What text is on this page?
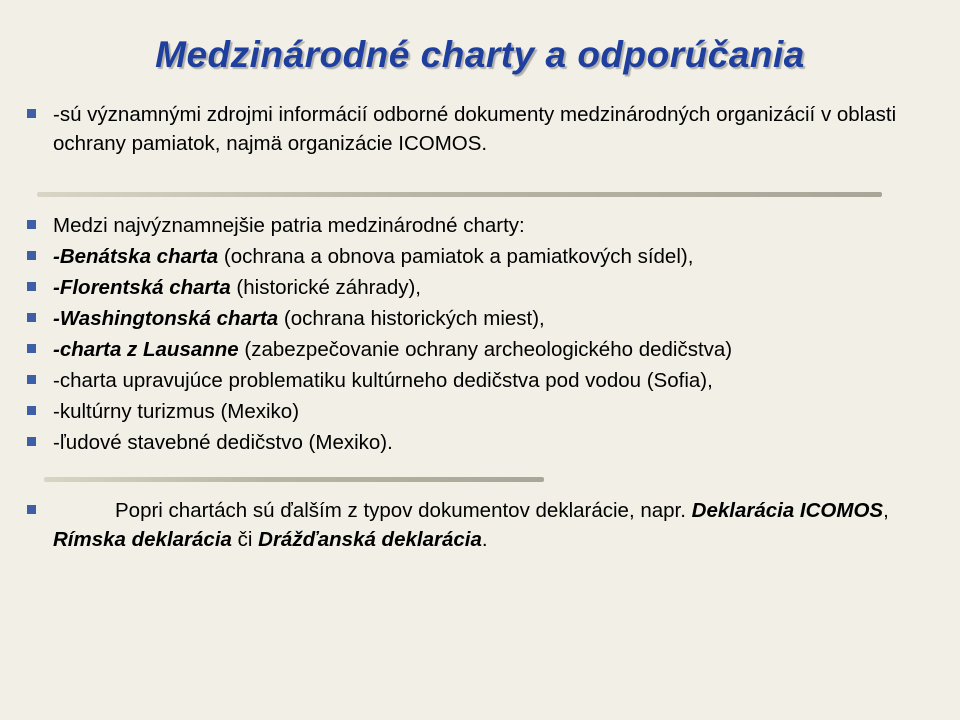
Medzinárodné charty a odporúčania
-sú významnými zdrojmi informácií odborné dokumenty medzinárodných organizácií v oblasti ochrany pamiatok, najmä organizácie ICOMOS.
Medzi najvýznamnejšie patria medzinárodné charty:
-Benátska charta (ochrana a obnova pamiatok a pamiatkových sídel),
-Florentská charta (historické záhrady),
-Washingtonská charta (ochrana historických miest),
-charta z Lausanne (zabezpečovanie ochrany archeologického dedičstva)
-charta upravujúce problematiku kultúrneho dedičstva pod vodou (Sofia),
-kultúrny turizmus (Mexiko)
-ľudové stavebné dedičstvo (Mexiko).
Popri chartách sú ďalším z typov dokumentov deklarácie, napr. Deklarácia ICOMOS, Rímska deklarácia či Drážďanská deklarácia.
